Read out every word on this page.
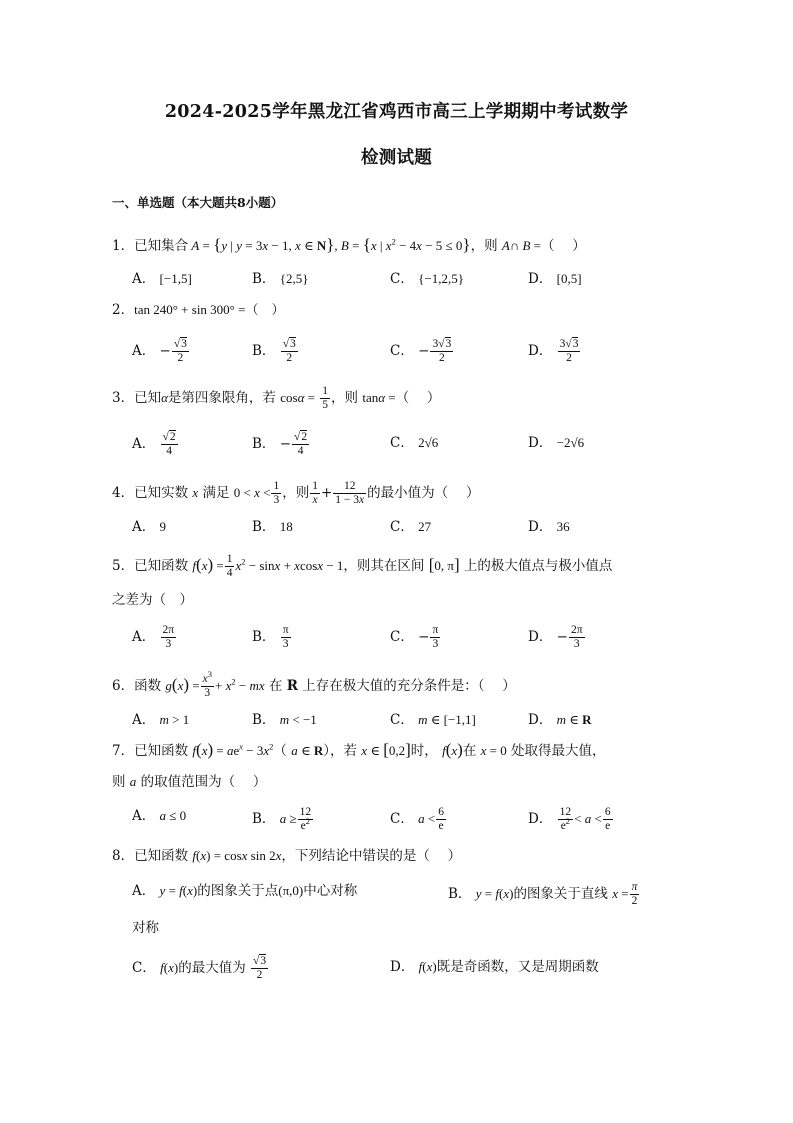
2024-2025学年黑龙江省鸡西市高三上学期期中考试数学
检测试题
一、单选题（本大题共8小题）
1．已知集合 A = {y | y = 3x − 1, x ∈ N}, B = {x | $x^2 - 4x - 5 \le 0$}，则 A∩ B =（　 ）
A． [−1,5]	B． {2,5}	C． {−1,2,5}	D． [0,5]
2．tan 240° + sin 300° =（　）
A． − $\frac{√3}{2}$	B． $\frac{√3}{2}$	C． − $\frac{3√3}{2}$	D． $\frac{3√3}{2}$
3．已知α是第四象限角，若 $\cos\alpha = \frac{1}{5}$ ，则 tanα =（　 ）
A． $\frac{√2}{4}$	B． − $\frac{√2}{4}$	C． 2√6	D． −2√6
4．已知实数 x 满足 $0 < x < \frac{1}{3}$ ，则 $\frac{1}{x} + \frac{12}{1 - 3x}$ 的最小值为（　 ）
A． 9	B． 18	C． 27	D． 36
5．已知函数 $f(x) = \frac{1}{4} x^2 - \sin x + xcosx - 1$，则其在区间 [0, π] 上的极大值点与极小值点
之差为（　）
A． $\frac{2\pi}{3}$	B． $\frac{\pi}{3}$	C． − $\frac{\pi}{3}$	D． − $\frac{2\pi}{3}$
6．函数 $g(x) = \frac{x^3}{3} + x^2$ − mx 在 R 上存在极大值的充分条件是：（　 ）
A． m > 1	B． m < −1	C． m ∈ [−1,1]	D． m ∈ R
7．已知函数 $f(x) = ae^x - 3x^2$（ a ∈ R），若 x ∈ [0,2]时， f(x)在 x = 0 处取得最大值，
则 a 的取值范围为（　 ）
A． a ≤ 0	B． $a \ge \frac{12}{e^2}$	C． $a < \frac{6}{e}$	D． $\frac{12}{e^2} < a < \frac{6}{e}$
8．已知函数 f(x) = cosx sin 2x，下列结论中错误的是（　 ）
A． y = f(x)的图象关于点(π,0)中心对称	B． y = f(x)的图象关于直线 $x = \frac{\pi}{2}$
对称
C． f(x)的最大值为 $\frac{√3}{2}$	D． f(x)既是奇函数，又是周期函数
